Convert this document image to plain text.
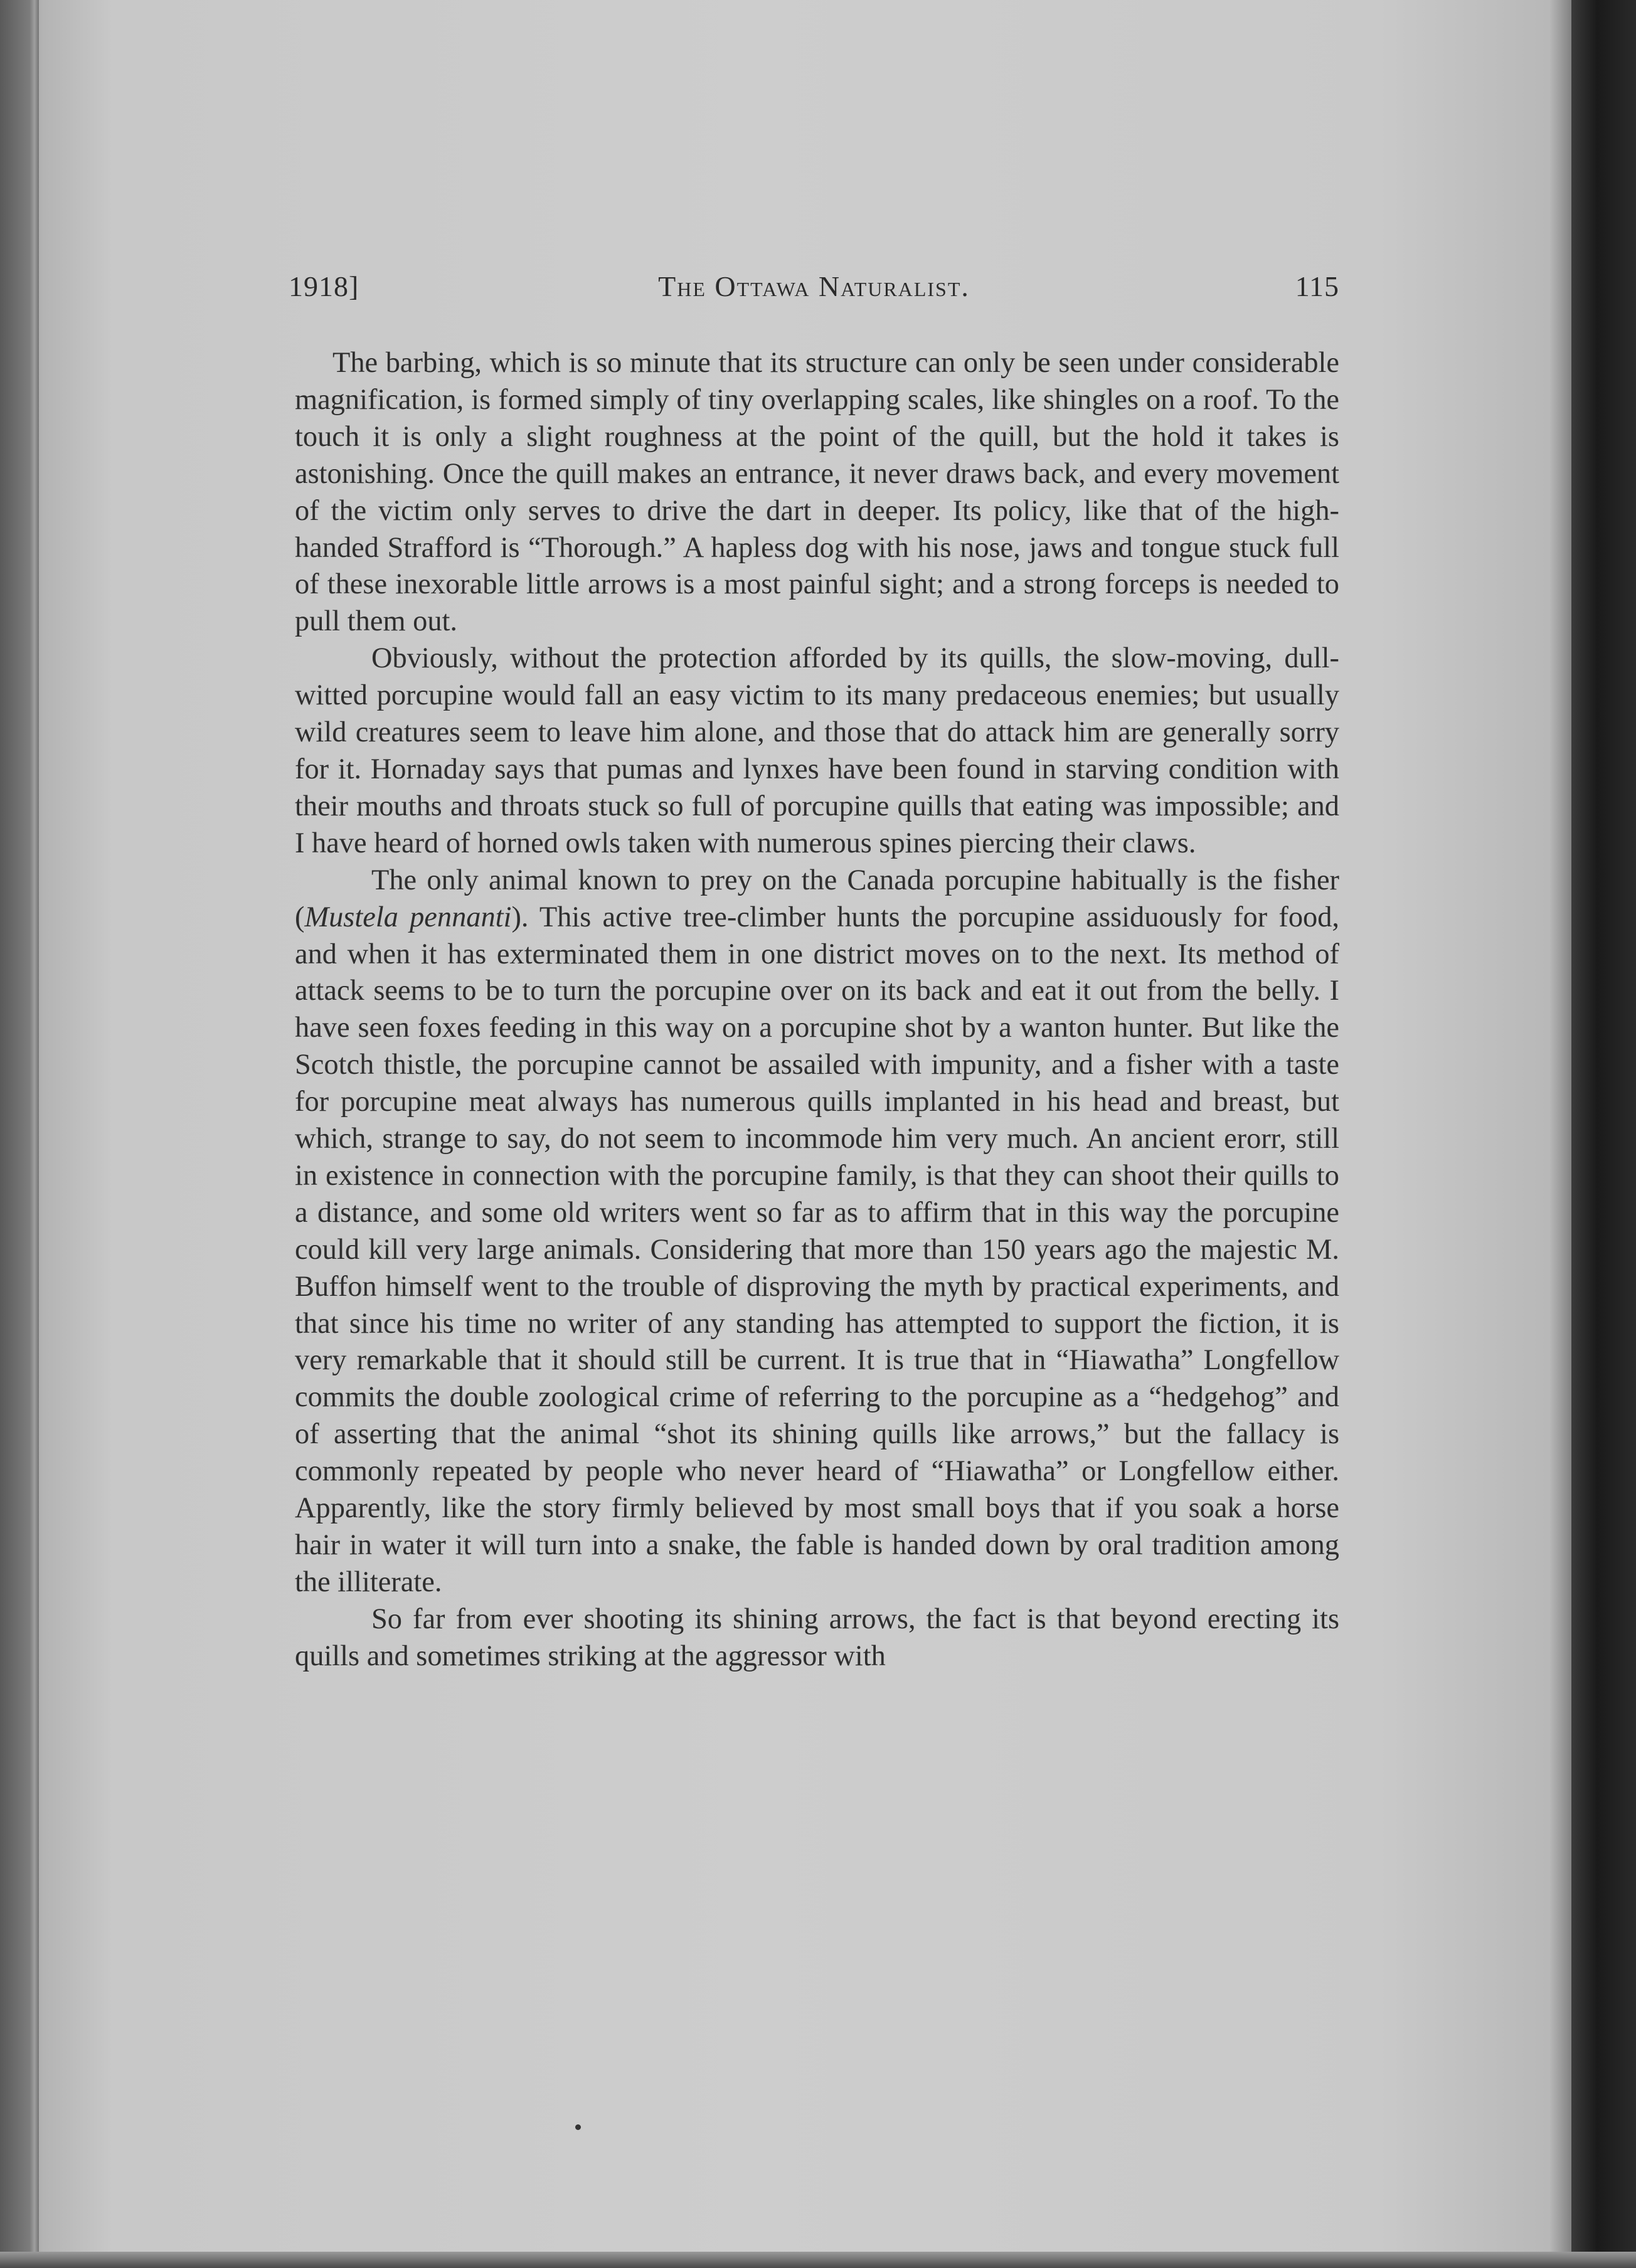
1918]	The Ottawa Naturalist.	115

The barbing, which is so minute that its structure can only be seen under considerable magnification, is formed simply of tiny overlapping scales, like shingles on a roof. To the touch it is only a slight roughness at the point of the quill, but the hold it takes is astonishing. Once the quill makes an entrance, it never draws back, and every movement of the victim only serves to drive the dart in deeper. Its policy, like that of the high-handed Strafford is “Thorough.” A hapless dog with his nose, jaws and tongue stuck full of these inexorable little arrows is a most painful sight; and a strong forceps is needed to pull them out.

Obviously, without the protection afforded by its quills, the slow-moving, dull-witted porcupine would fall an easy victim to its many predaceous enemies; but usually wild creatures seem to leave him alone, and those that do attack him are generally sorry for it. Hornaday says that pumas and lynxes have been found in starving condition with their mouths and throats stuck so full of porcupine quills that eating was impossible; and I have heard of horned owls taken with numerous spines piercing their claws.

The only animal known to prey on the Canada porcupine habitually is the fisher (Mustela pennanti). This active tree-climber hunts the porcupine assiduously for food, and when it has exterminated them in one district moves on to the next. Its method of attack seems to be to turn the porcupine over on its back and eat it out from the belly. I have seen foxes feeding in this way on a porcupine shot by a wanton hunter. But like the Scotch thistle, the porcupine cannot be assailed with impunity, and a fisher with a taste for porcupine meat always has numerous quills implanted in his head and breast, but which, strange to say, do not seem to incommode him very much. An ancient erorr, still in existence in connection with the porcupine family, is that they can shoot their quills to a distance, and some old writers went so far as to affirm that in this way the porcupine could kill very large animals. Considering that more than 150 years ago the majestic M. Buffon himself went to the trouble of disproving the myth by practical experiments, and that since his time no writer of any standing has attempted to support the fiction, it is very remarkable that it should still be current. It is true that in “Hiawatha” Longfellow commits the double zoological crime of referring to the porcupine as a “hedgehog” and of asserting that the animal “shot its shining quills like arrows,” but the fallacy is commonly repeated by people who never heard of “Hiawatha” or Longfellow either. Apparently, like the story firmly believed by most small boys that if you soak a horse hair in water it will turn into a snake, the fable is handed down by oral tradition among the illiterate.

So far from ever shooting its shining arrows, the fact is that beyond erecting its quills and sometimes striking at the aggressor with
